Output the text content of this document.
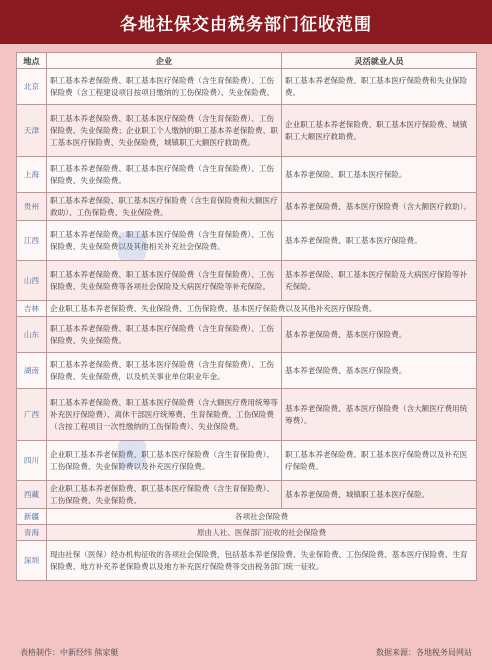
各地社保交由税务部门征收范围
地点	企业	灵活就业人员
北京	职工基本养老保险费、职工基本医疗保险费（含生育保险费）、工伤保险费（含工程建设项目按项目缴纳的工伤保险费）、失业保险费。	职工基本养老保险费、职工基本医疗保险费和失业保险费。
天津	职工基本养老保险费、职工基本医疗保险费（含生育保险费）、工伤保险费、失业保险费；企业职工个人缴纳的职工基本养老保险费、职工基本医疗保险费、失业保险费，城镇职工大额医疗救助费。	企业职工基本养老保险费、职工基本医疗保险费、城镇职工大额医疗救助费。
上海	职工基本养老保险费、职工基本医疗保险费（含生育保险费）、工伤保险费、失业保险费。	基本养老保险、职工基本医疗保险。
贵州	职工基本养老保险、职工基本医疗保险费（含生育保险费和大额医疗救助）、工伤保险费、失业保险费。	基本养老保险费、基本医疗保险费（含大额医疗救助）。
江西	职工基本养老保险费、职工基本医疗保险费（含生育保险费）、工伤保险费、失业保险费以及其他相关补充社会保险费。	基本养老保险费、职工基本医疗保险费。
山西	职工基本养老保险费、职工基本医疗保险费（含生育保险费）、工伤保险费、失业保险费等各项社会保险及大病医疗保险等补充保险。	基本养老保险、职工基本医疗保险及大病医疗保险等补充保险。
吉林	企业职工基本养老保险费、失业保险费、工伤保险费、基本医疗保险费以及其他补充医疗保险费。	
山东	职工基本养老保险费、职工基本医疗保险费（含生育保险费）、工伤保险费、失业保险费。	基本养老保险费、基本医疗保险费。
湖南	职工基本养老保险费、职工基本医疗保险费（含生育保险费）、工伤保险费、失业保险费，以及机关事业单位职业年金。	基本养老保险费、基本医疗保险费。
广西	职工基本养老保险费、职工基本医疗保险费（含大额医疗费用统筹等补充医疗保险费）、离休干部医疗统筹费、生育保险费、工伤保险费（含按工程项目一次性缴纳的工伤保险费）、失业保险费。	基本养老保险费、基本医疗保险费（含大额医疗费用统筹费）。
四川	企业职工基本养老保险费、职工基本医疗保险费（含生育保险费）、工伤保险费、失业保险费以及补充医疗保险费。	职工基本养老保险费、职工基本医疗保险费以及补充医疗保险费。
西藏	企业职工基本养老保险费、职工基本医疗保险费（含生育保险费）、工伤保险费、失业保险费。	基本养老保险费、城镇职工基本医疗保险。
新疆	各项社会保险费	
青海	原由人社、医保部门征收的社会保险费	
深圳	现由社保（医保）经办机构征收的各项社会保险费，包括基本养老保险费、失业保险费、工伤保险费、基本医疗保险费、生育保险费、地方补充养老保险费以及地方补充医疗保险费等交由税务部门统一征收。	
表格制作：中新经纬 熊家艇	数据来源：各地税务局网站
